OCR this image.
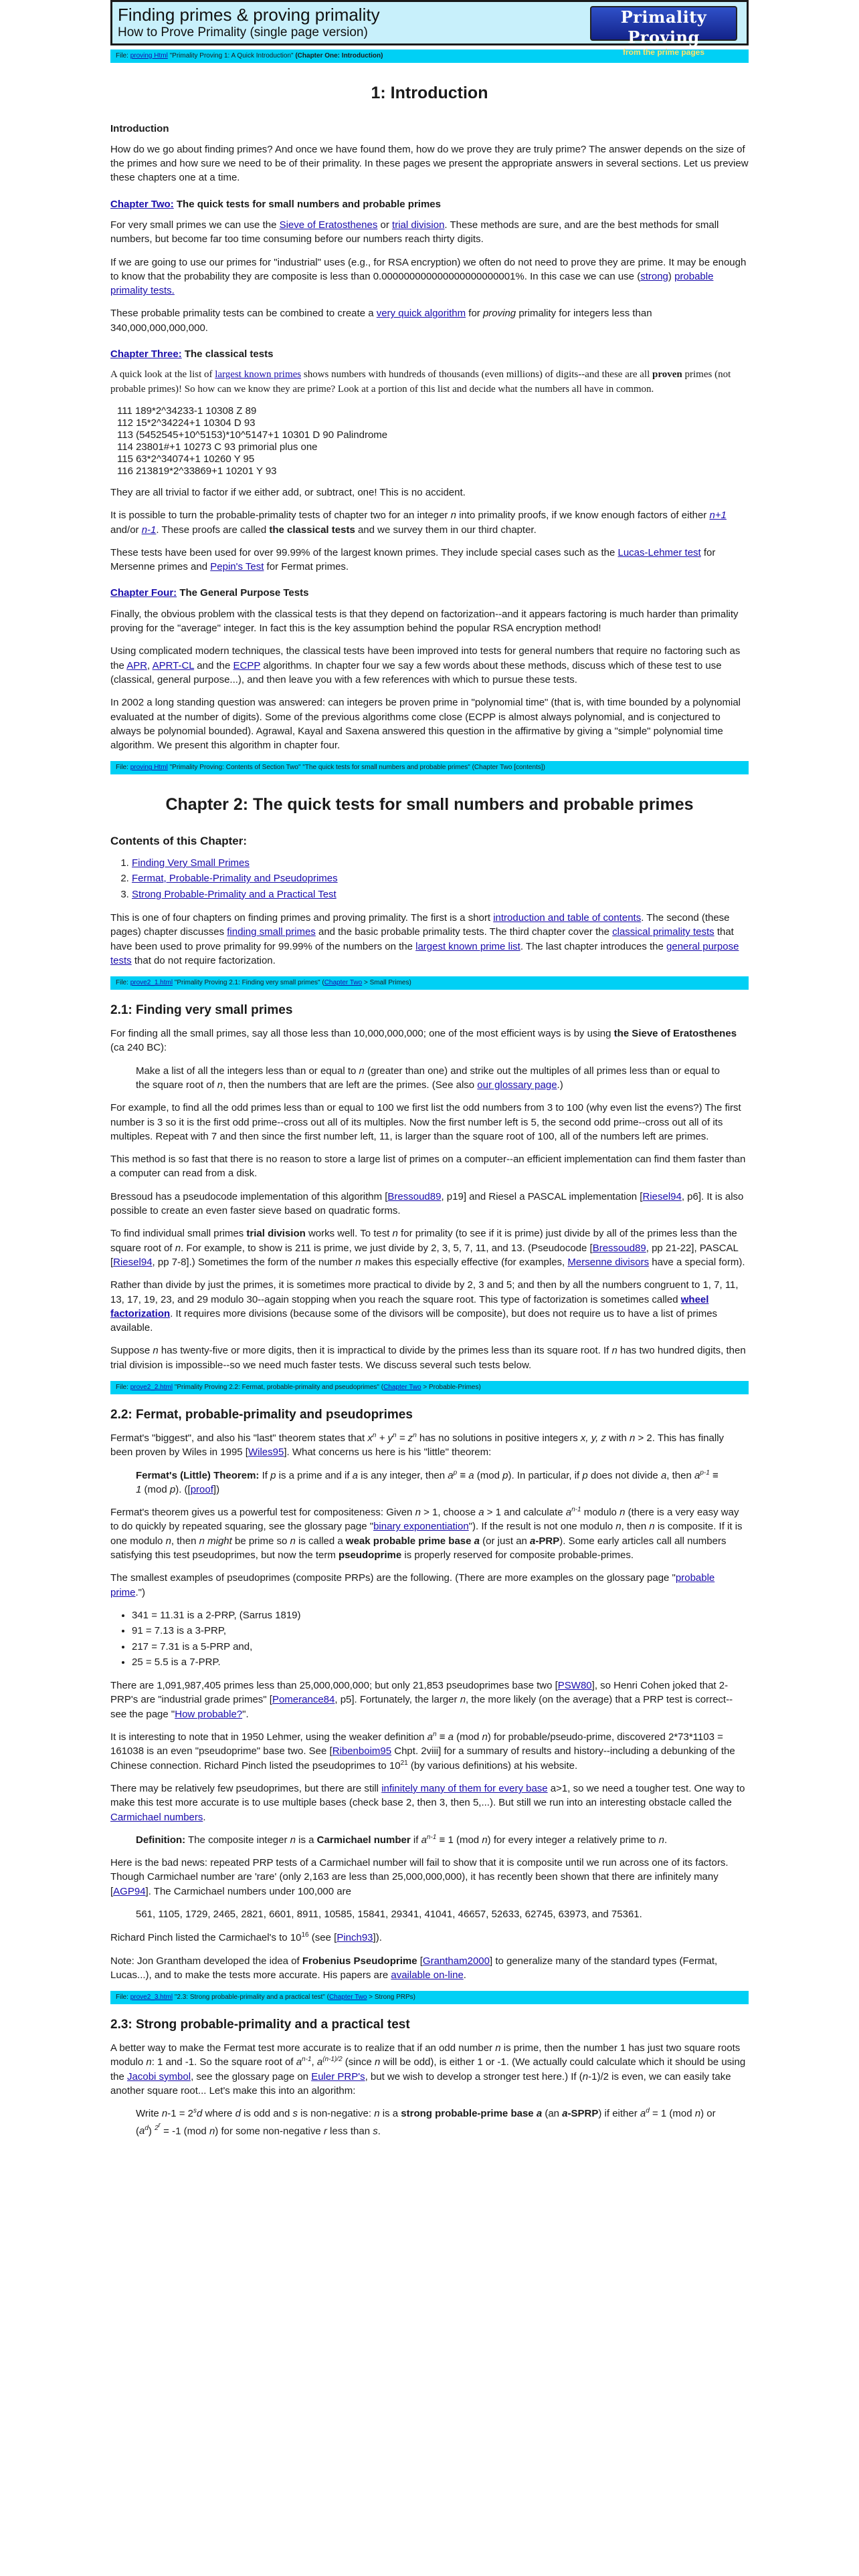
Finding primes & proving primality
How to Prove Primality (single page version)
Primality Proving
from the prime pages
File: proving Html "Primality Proving 1: A Quick Introduction" (Chapter One: Introduction)
1: Introduction
Introduction

How do we go about finding primes? And once we have found them, how do we prove they are truly prime? The answer depends on the size of the primes and how sure we need to be of their primality. In these pages we present the appropriate answers in several sections. Let us preview these chapters one at a time.

Chapter Two: The quick tests for small numbers and probable primes

For very small primes we can use the Sieve of Eratosthenes or trial division. These methods are sure, and are the best methods for small numbers, but become far too time consuming before our numbers reach thirty digits.

If we are going to use our primes for "industrial" uses (e.g., for RSA encryption) we often do not need to prove they are prime. It may be enough to know that the probability they are composite is less than 0.000000000000000000000001%. In this case we can use (strong) probable primality tests.

These probable primality tests can be combined to create a very quick algorithm for proving primality for integers less than 340,000,000,000,000.

Chapter Three: The classical tests

A quick look at the list of largest known primes shows numbers with hundreds of thousands (even millions) of digits--and these are all proven primes (not probable primes)! So how can we know they are prime? Look at a portion of this list and decide what the numbers all have in common.

111 189*2^34233-1 10308 Z 89
112 15*2^34224+1 10304 D 93
113 (5452545+10^5153)*10^5147+1 10301 D 90 Palindrome
114 23801#+1 10273 C 93 primorial plus one
115 63*2^34074+1 10260 Y 95
116 213819*2^33869+1 10201 Y 93

They are all trivial to factor if we either add, or subtract, one! This is no accident.

It is possible to turn the probable-primality tests of chapter two for an integer n into primality proofs, if we know enough factors of either n+1 and/or n-1. These proofs are called the classical tests and we survey them in our third chapter.

These tests have been used for over 99.99% of the largest known primes. They include special cases such as the Lucas-Lehmer test for Mersenne primes and Pepin's Test for Fermat primes.

Chapter Four: The General Purpose Tests

Finally, the obvious problem with the classical tests is that they depend on factorization--and it appears factoring is much harder than primality proving for the "average" integer. In fact this is the key assumption behind the popular RSA encryption method!

Using complicated modern techniques, the classical tests have been improved into tests for general numbers that require no factoring such as the APR, APRT-CL and the ECPP algorithms. In chapter four we say a few words about these methods, discuss which of these test to use (classical, general purpose...), and then leave you with a few references with which to pursue these tests.

In 2002 a long standing question was answered: can integers be proven prime in "polynomial time" (that is, with time bounded by a polynomial evaluated at the number of digits). Some of the previous algorithms come close (ECPP is almost always polynomial, and is conjectured to always be polynomial bounded). Agrawal, Kayal and Saxena answered this question in the affirmative by giving a "simple" polynomial time algorithm. We present this algorithm in chapter four.

File: proving Html "Primality Proving: Contents of Section Two" "The quick tests for small numbers and probable primes" (Chapter Two [contents])
Chapter 2: The quick tests for small numbers and probable primes
Contents of this Chapter:
1. Finding Very Small Primes
2. Fermat, Probable-Primality and Pseudoprimes
3. Strong Probable-Primality and a Practical Test

This is one of four chapters on finding primes and proving primality. The first is a short introduction and table of contents. The second (these pages) chapter discusses finding small primes and the basic probable primality tests. The third chapter cover the classical primality tests that have been used to prove primality for 99.99% of the numbers on the largest known prime list. The last chapter introduces the general purpose tests that do not require factorization.

File: prove2_1.html "Primality Proving 2.1: Finding very small primes" (Chapter Two > Small Primes)
2.1: Finding very small primes

For finding all the small primes, say all those less than 10,000,000,000; one of the most efficient ways is by using the Sieve of Eratosthenes (ca 240 BC):

Make a list of all the integers less than or equal to n (greater than one) and strike out the multiples of all primes less than or equal to the square root of n, then the numbers that are left are the primes. (See also our glossary page.)

For example, to find all the odd primes less than or equal to 100 we first list the odd numbers from 3 to 100 (why even list the evens?) The first number is 3 so it is the first odd prime--cross out all of its multiples. Now the first number left is 5, the second odd prime--cross out all of its multiples. Repeat with 7 and then since the first number left, 11, is larger than the square root of 100, all of the numbers left are primes.

This method is so fast that there is no reason to store a large list of primes on a computer--an efficient implementation can find them faster than a computer can read from a disk.

Bressoud has a pseudocode implementation of this algorithm [Bressoud89, p19] and Riesel a PASCAL implementation [Riesel94, p6]. It is also possible to create an even faster sieve based on quadratic forms.

To find individual small primes trial division works well. To test n for primality (to see if it is prime) just divide by all of the primes less than the square root of n. For example, to show is 211 is prime, we just divide by 2, 3, 5, 7, 11, and 13. (Pseudocode [Bressoud89, pp 21-22], PASCAL [Riesel94, pp 7-8].) Sometimes the form of the number n makes this especially effective (for examples, Mersenne divisors have a special form).

Rather than divide by just the primes, it is sometimes more practical to divide by 2, 3 and 5; and then by all the numbers congruent to 1, 7, 11, 13, 17, 19, 23, and 29 modulo 30--again stopping when you reach the square root. This type of factorization is sometimes called wheel factorization. It requires more divisions (because some of the divisors will be composite), but does not require us to have a list of primes available.

Suppose n has twenty-five or more digits, then it is impractical to divide by the primes less than its square root. If n has two hundred digits, then trial division is impossible--so we need much faster tests. We discuss several such tests below.

File: prove2_2.html "Primality Proving 2.2: Fermat, probable-primality and pseudoprimes" (Chapter Two > Probable-Primes)
2.2: Fermat, probable-primality and pseudoprimes

Fermat's "biggest", and also his "last" theorem states that $x^n + y^n = z^n$ has no solutions in positive integers x, y, z with n > 2. This has finally been proven by Wiles in 1995 [Wiles95]. What concerns us here is his "little" theorem:

Fermat's (Little) Theorem: If p is a prime and if a is any integer, then $a^p \equiv a$ (mod p). In particular, if p does not divide a, then $a^{p-1} \equiv 1$ (mod p). ([proof])

Fermat's theorem gives us a powerful test for compositeness: Given n > 1, choose a > 1 and calculate $a^{n-1}$ modulo n (there is a very easy way to do quickly by repeated squaring, see the glossary page "binary exponentiation"). If the result is not one modulo n, then n is composite. If it is one modulo n, then n might be prime so n is called a weak probable prime base a (or just an a-PRP). Some early articles call all numbers satisfying this test pseudoprimes, but now the term pseudoprime is properly reserved for composite probable-primes.

The smallest examples of pseudoprimes (composite PRPs) are the following. (There are more examples on the glossary page "probable prime.")

• 341 = 11.31 is a 2-PRP, (Sarrus 1819)
• 91 = 7.13 is a 3-PRP,
• 217 = 7.31 is a 5-PRP and,
• 25 = 5.5 is a 7-PRP.

There are 1,091,987,405 primes less than 25,000,000,000; but only 21,853 pseudoprimes base two [PSW80], so Henri Cohen joked that 2-PRP's are "industrial grade primes" [Pomerance84, p5]. Fortunately, the larger n, the more likely (on the average) that a PRP test is correct--see the page "How probable?".

It is interesting to note that in 1950 Lehmer, using the weaker definition $a^n \equiv a$ (mod n) for probable/pseudo-prime, discovered 2*73*1103 = 161038 is an even "pseudoprime" base two. See [Ribenboim95 Chpt. 2viii] for a summary of results and history--including a debunking of the Chinese connection. Richard Pinch listed the pseudoprimes to $10^{21}$ (by various definitions) at his website.

There may be relatively few pseudoprimes, but there are still infinitely many of them for every base a>1, so we need a tougher test. One way to make this test more accurate is to use multiple bases (check base 2, then 3, then 5,...). But still we run into an interesting obstacle called the Carmichael numbers.

Definition: The composite integer n is a Carmichael number if $a^{n-1} \equiv 1$ (mod n) for every integer a relatively prime to n.

Here is the bad news: repeated PRP tests of a Carmichael number will fail to show that it is composite until we run across one of its factors. Though Carmichael number are 'rare' (only 2,163 are less than 25,000,000,000), it has recently been shown that there are infinitely many [AGP94]. The Carmichael numbers under 100,000 are

561, 1105, 1729, 2465, 2821, 6601, 8911, 10585, 15841, 29341, 41041, 46657, 52633, 62745, 63973, and 75361.

Richard Pinch listed the Carmichael's to $10^{16}$ (see [Pinch93]).

Note: Jon Grantham developed the idea of Frobenius Pseudoprime [Grantham2000] to generalize many of the standard types (Fermat, Lucas...), and to make the tests more accurate. His papers are available on-line.

File: prove2_3.html "2.3: Strong probable-primality and a practical test" (Chapter Two > Strong PRPs)
2.3: Strong probable-primality and a practical test

A better way to make the Fermat test more accurate is to realize that if an odd number n is prime, then the number 1 has just two square roots modulo n: 1 and -1. So the square root of $a^{n-1}$, $a^{(n-1)/2}$ (since n will be odd), is either 1 or -1. (We actually could calculate which it should be using the Jacobi symbol, see the glossary page on Euler PRP's, but we wish to develop a stronger test here.) If (n-1)/2 is even, we can easily take another square root... Let's make this into an algorithm:

Write $n-1 = 2^sd$ where d is odd and s is non-negative: n is a strong probable-prime base a (an a-SPRP) if either $a^d = 1$ (mod n) or $(a^d) ^{2^r} = -1$ (mod n) for some non-negative r less than s.
